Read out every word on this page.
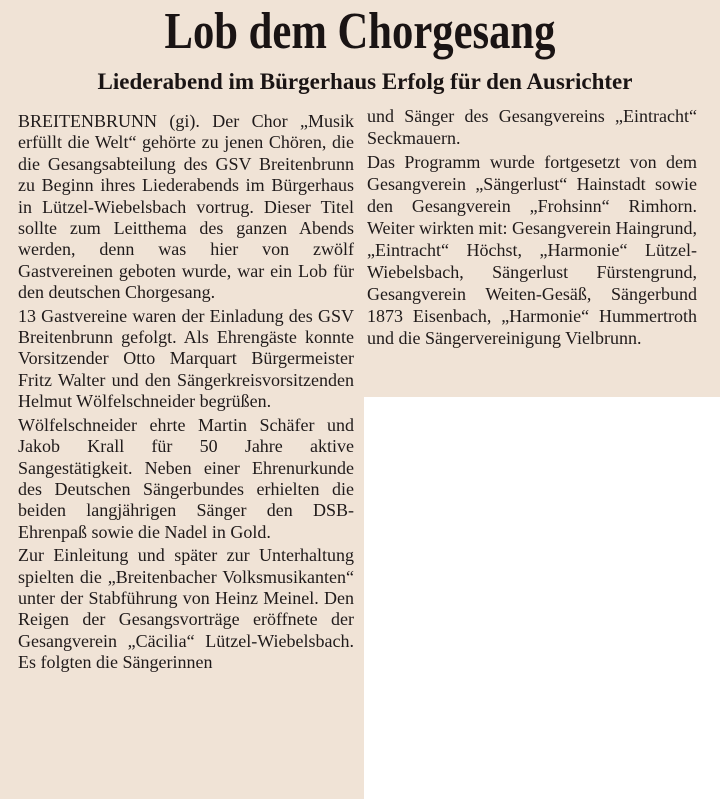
Lob dem Chorgesang
Liederabend im Bürgerhaus Erfolg für den Ausrichter

BREITENBRUNN (gi). Der Chor „Musik erfüllt die Welt“ gehörte zu jenen Chören, die die Gesangsabteilung des GSV Breitenbrunn zu Beginn ihres Liederabends im Bürgerhaus in Lützel-Wiebelsbach vortrug. Dieser Titel sollte zum Leitthema des ganzen Abends werden, denn was hier von zwölf Gastvereinen geboten wurde, war ein Lob für den deutschen Chorgesang.

13 Gastvereine waren der Einladung des GSV Breitenbrunn gefolgt. Als Ehrengäste konnte Vorsitzender Otto Marquart Bürgermeister Fritz Walter und den Sängerkreisvorsitzenden Helmut Wölfelschneider begrüßen.

Wölfelschneider ehrte Martin Schäfer und Jakob Krall für 50 Jahre aktive Sangestätigkeit. Neben einer Ehrenurkunde des Deutschen Sängerbundes erhielten die beiden langjährigen Sänger den DSB-Ehrenpaß sowie die Nadel in Gold.

Zur Einleitung und später zur Unterhaltung spielten die „Breitenbacher Volksmusikanten“ unter der Stabführung von Heinz Meinel. Den Reigen der Gesangsvorträge eröffnete der Gesangverein „Cäcilia“ Lützel-Wiebelsbach. Es folgten die Sängerinnen

und Sänger des Gesangvereins „Eintracht“ Seckmauern.

Das Programm wurde fortgesetzt von dem Gesangverein „Sängerlust“ Hainstadt sowie den Gesangverein „Frohsinn“ Rimhorn. Weiter wirkten mit: Gesangverein Haingrund, „Eintracht“ Höchst, „Harmonie“ Lützel-Wiebelsbach, Sängerlust Fürstengrund, Gesangverein Weiten-Gesäß, Sängerbund 1873 Eisenbach, „Harmonie“ Hummertroth und die Sängervereinigung Vielbrunn.
